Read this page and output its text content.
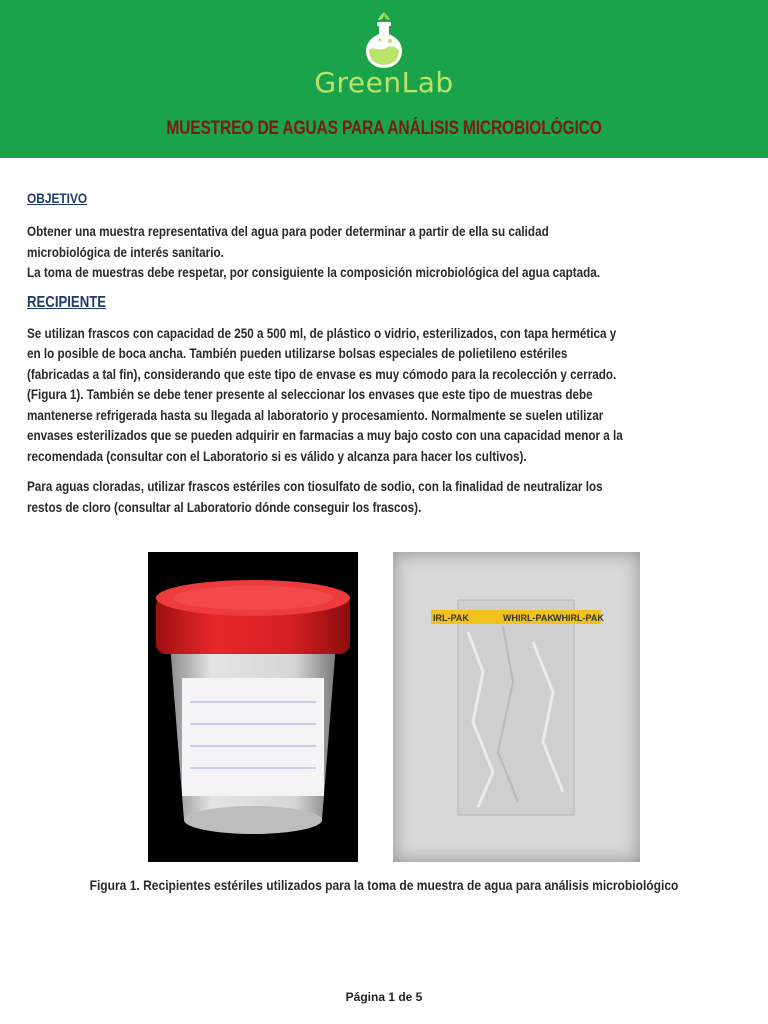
GreenLab
MUESTREO DE AGUAS PARA ANÁLISIS MICROBIOLÓGICO
OBJETIVO

Obtener una muestra representativa del agua para poder determinar a partir de ella su calidad
microbiológica de interés sanitario.
La toma de muestras debe respetar, por consiguiente la composición microbiológica del agua captada.

RECIPIENTE

Se utilizan frascos con capacidad de 250 a 500 ml, de plástico o vidrio, esterilizados, con tapa hermética y
en lo posible de boca ancha. También pueden utilizarse bolsas especiales de polietileno estériles
(fabricadas a tal fin), considerando que este tipo de envase es muy cómodo para la recolección y cerrado.
(Figura 1). También se debe tener presente al seleccionar los envases que este tipo de muestras debe
mantenerse refrigerada hasta su llegada al laboratorio y procesamiento. Normalmente se suelen utilizar
envases esterilizados que se pueden adquirir en farmacias a muy bajo costo con una capacidad menor a la
recomendada (consultar con el Laboratorio si es válido y alcanza para hacer los cultivos).

Para aguas cloradas, utilizar frascos estériles con tiosulfato de sodio, con la finalidad de neutralizar los
restos de cloro (consultar al Laboratorio dónde conseguir los frascos).

IRL-PAK	WHIRL-PAK WHIRL-PAK
Figura 1. Recipientes estériles utilizados para la toma de muestra de agua para análisis microbiológico
Página 1 de 5
